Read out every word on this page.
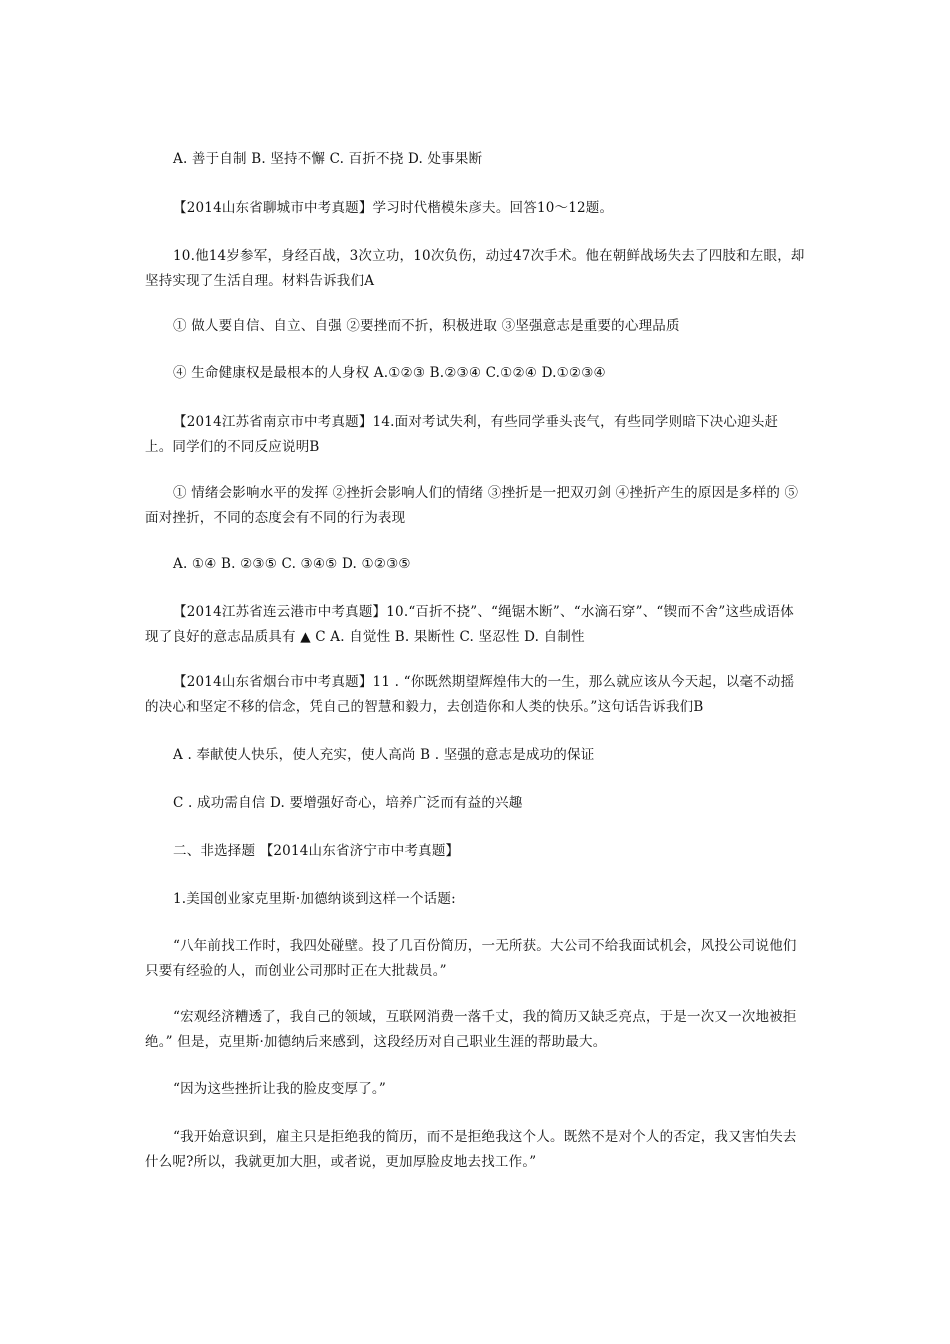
A. 善于自制 B. 坚持不懈 C. 百折不挠 D. 处事果断
【2014山东省聊城市中考真题】学习时代楷模朱彦夫。回答10～12题。
10.他14岁参军，身经百战，3次立功，10次负伤，动过47次手术。他在朝鲜战场失去了四肢和左眼，却坚持实现了生活自理。材料告诉我们A
① 做人要自信、自立、自强 ②要挫而不折，积极进取 ③坚强意志是重要的心理品质
④ 生命健康权是最根本的人身权 A.①②③ B.②③④ C.①②④ D.①②③④
【2014江苏省南京市中考真题】14.面对考试失利，有些同学垂头丧气，有些同学则暗下决心迎头赶上。同学们的不同反应说明B
① 情绪会影响水平的发挥 ②挫折会影响人们的情绪 ③挫折是一把双刃剑 ④挫折产生的原因是多样的 ⑤面对挫折，不同的态度会有不同的行为表现
A. ①④ B. ②③⑤ C. ③④⑤ D. ①②③⑤
【2014江苏省连云港市中考真题】10.“百折不挠”、“绳锯木断”、“水滴石穿”、“锲而不舍”这些成语体现了良好的意志品质具有 ▲ C A. 自觉性 B. 果断性 C. 坚忍性 D. 自制性
【2014山东省烟台市中考真题】11 . “你既然期望辉煌伟大的一生，那么就应该从今天起，以毫不动摇的决心和坚定不移的信念，凭自己的智慧和毅力，去创造你和人类的快乐。”这句话告诉我们B
A . 奉献使人快乐，使人充实，使人高尚 B . 坚强的意志是成功的保证
C . 成功需自信 D. 要增强好奇心，培养广泛而有益的兴趣
二、非选择题 【2014山东省济宁市中考真题】
1.美国创业家克里斯·加德纳谈到这样一个话题:
“八年前找工作时，我四处碰壁。投了几百份简历，一无所获。大公司不给我面试机会，风投公司说他们只要有经验的人，而创业公司那时正在大批裁员。”
“宏观经济糟透了，我自己的领域，互联网消费一落千丈，我的简历又缺乏亮点，于是一次又一次地被拒绝。” 但是，克里斯·加德纳后来感到，这段经历对自己职业生涯的帮助最大。
“因为这些挫折让我的脸皮变厚了。”
“我开始意识到，雇主只是拒绝我的简历，而不是拒绝我这个人。既然不是对个人的否定，我又害怕失去什么呢?所以，我就更加大胆，或者说，更加厚脸皮地去找工作。”
